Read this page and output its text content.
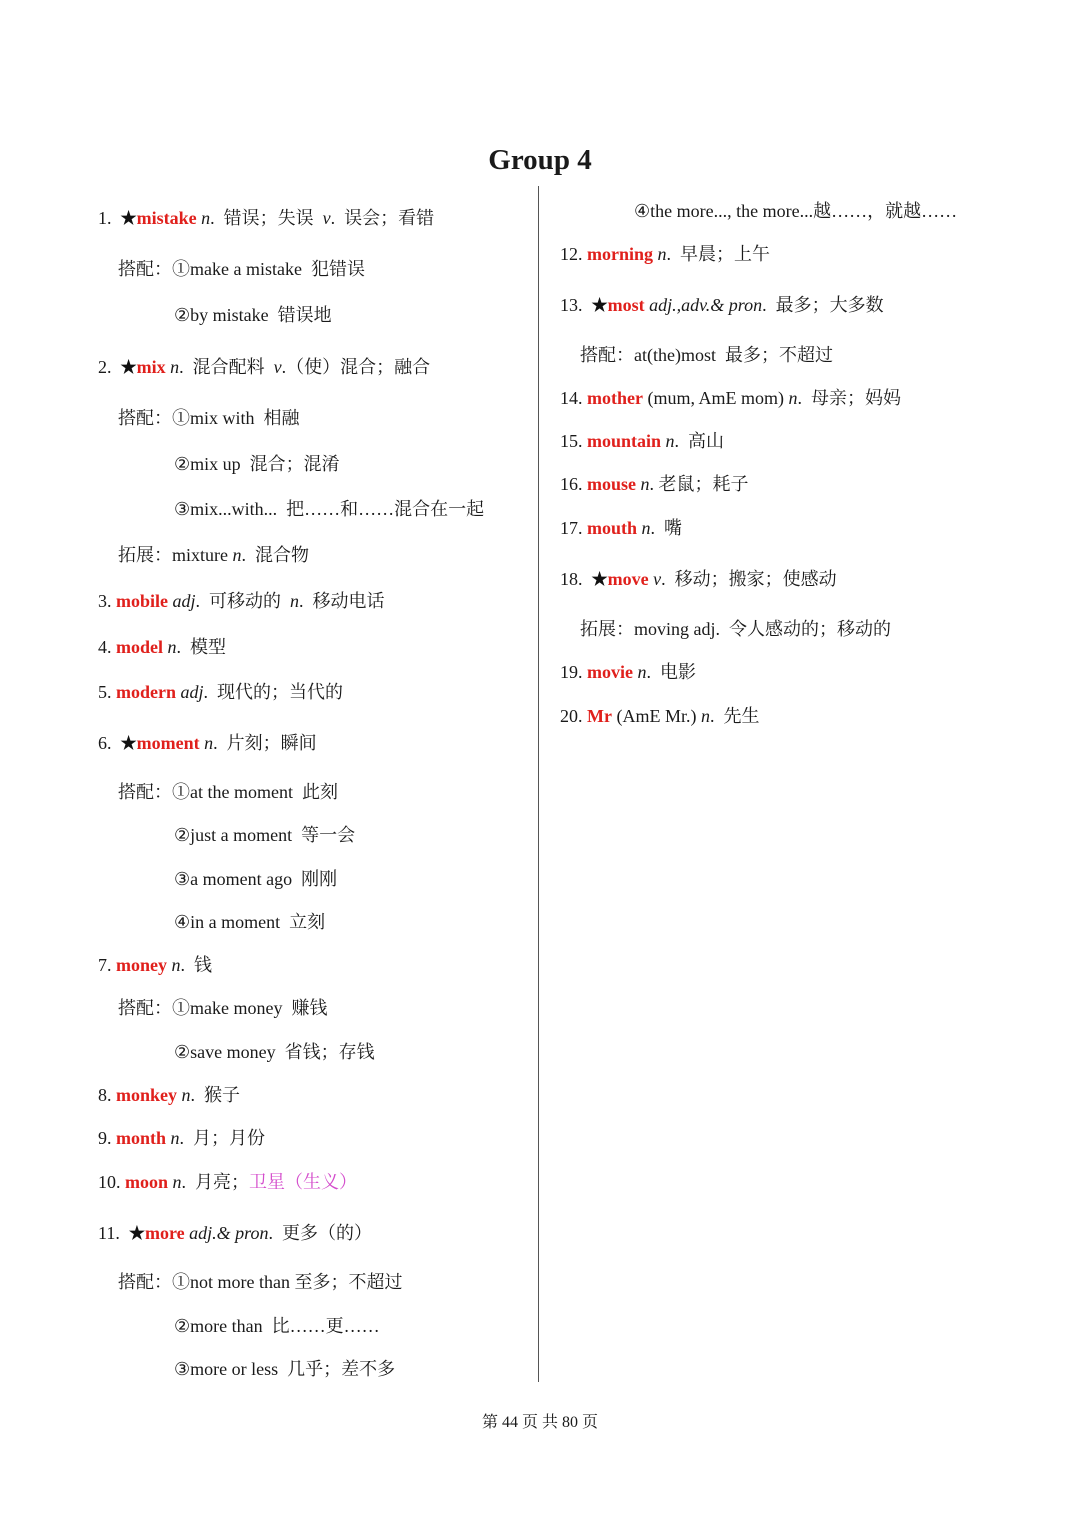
Group 4
1. ★mistake n. 错误；失误 v. 误会；看错
搭配：①make a mistake 犯错误
②by mistake 错误地
2. ★mix n. 混合配料 v.（使）混合；融合
搭配：①mix with 相融
②mix up 混合；混淆
③mix...with... 把……和……混合在一起
拓展：mixture n. 混合物
3. mobile adj. 可移动的 n. 移动电话
4. model n. 模型
5. modern adj. 现代的；当代的
6. ★moment n. 片刻；瞬间
搭配：①at the moment 此刻
②just a moment 等一会
③a moment ago 刚刚
④in a moment 立刻
7. money n. 钱
搭配：①make money 赚钱
②save money 省钱；存钱
8. monkey n. 猴子
9. month n. 月；月份
10. moon n. 月亮；卫星（生义）
11. ★more adj.& pron. 更多（的）
搭配：①not more than 至多；不超过
②more than 比……更……
③more or less 几乎；差不多
④the more..., the more...越……，就越……
12. morning n. 早晨；上午
13. ★most adj.,adv.& pron. 最多；大多数
搭配：at(the)most 最多；不超过
14. mother (mum, AmE mom) n. 母亲；妈妈
15. mountain n. 高山
16. mouse n. 老鼠；耗子
17. mouth n. 嘴
18. ★move v. 移动；搬家；使感动
拓展：moving adj. 令人感动的；移动的
19. movie n. 电影
20. Mr (AmE Mr.) n. 先生
第 44 页 共 80 页
